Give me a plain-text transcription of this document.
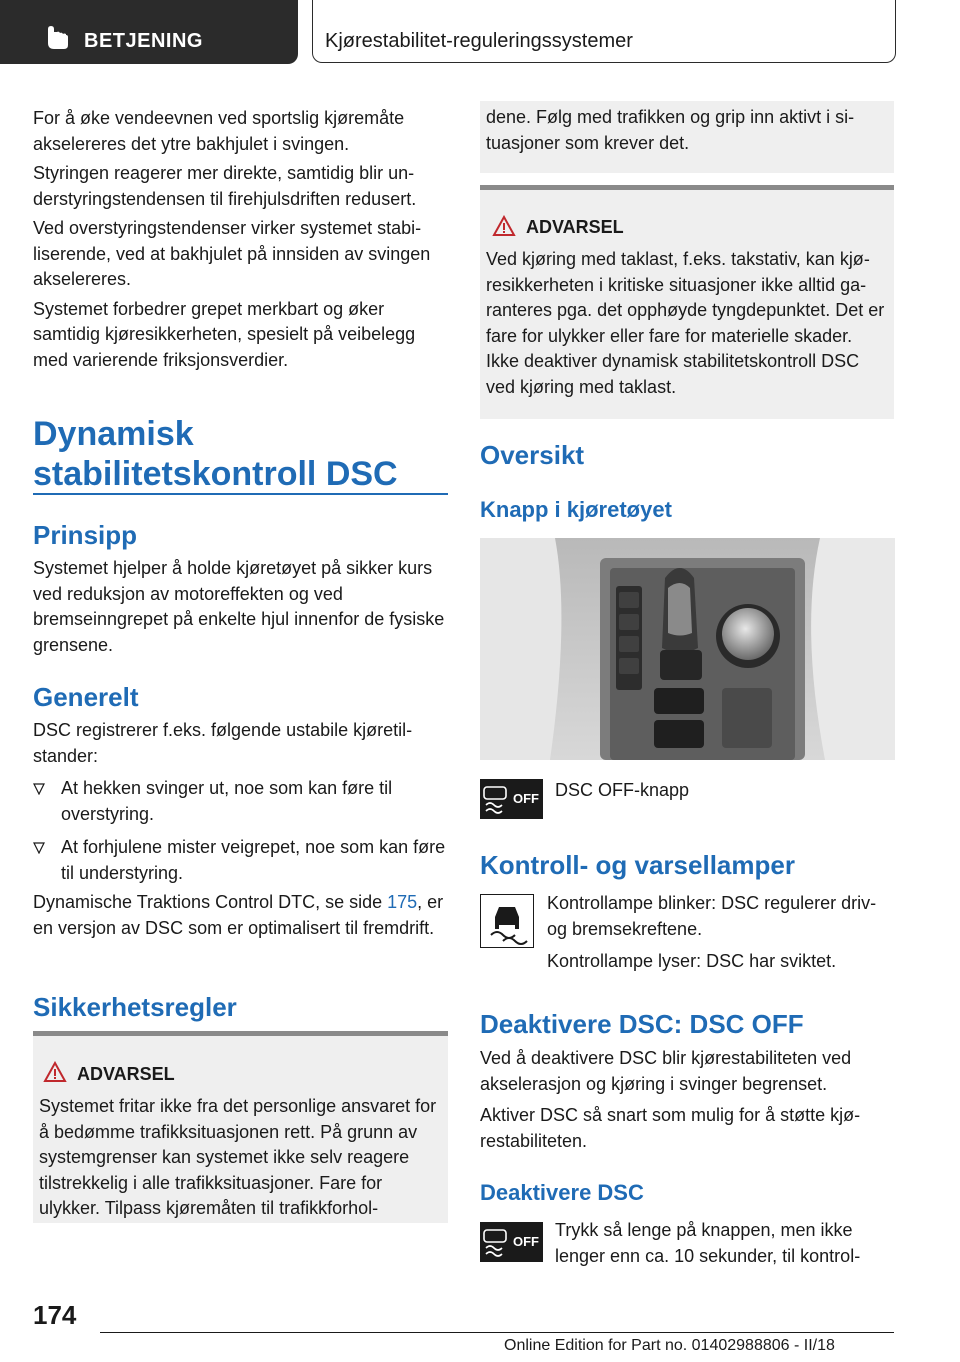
BETJENING	Kjørestabilitet-reguleringssystemer

For å øke vendeevnen ved sportslig kjøremåte akselereres det ytre bakhjulet i svingen.

Styringen reagerer mer direkte, samtidig blir understyringstendensen til firehjulsdriften redusert.

Ved overstyringstendenser virker systemet stabiliserende, ved at bakhjulet på innsiden av svingen akselereres.

Systemet forbedrer grepet merkbart og øker samtidig kjøresikkerheten, spesielt på veibelegg med varierende friksjonsverdier.

Dynamisk
stabilitetskontroll DSC
Prinsipp

Systemet hjelper å holde kjøretøyet på sikker kurs ved reduksjon av motoreffekten og ved bremseinngrepet på enkelte hjul innenfor de fysiske grensene.

Generelt

DSC registrerer f.eks. følgende ustabile kjøretilstander:

At hekken svinger ut, noe som kan føre til overstyring.
At forhjulene mister veigrepet, noe som kan føre til understyring.

Dynamische Traktions Control DTC, se side 175, er en versjon av DSC som er optimalisert til fremdrift.

Sikkerhetsregler
ADVARSEL

Systemet fritar ikke fra det personlige ansvaret for å bedømme trafikksituasjonen rett. På grunn av systemgrenser kan systemet ikke selv reagere tilstrekkelig i alle trafikksituasjoner. Fare for ulykker. Tilpass kjøremåten til trafikkforhol-

dene. Følg med trafikken og grip inn aktivt i situasjoner som krever det.

ADVARSEL

Ved kjøring med taklast, f.eks. takstativ, kan kjøresikkerheten i kritiske situasjoner ikke alltid garanteres pga. det opphøyde tyngdepunktet. Det er fare for ulykker eller fare for materielle skader. Ikke deaktiver dynamisk stabilitetskontroll DSC ved kjøring med taklast.

Oversikt
Knapp i kjøretøyet
OFF DSC OFF-knapp
Kontroll- og varsellamper

Kontrollampe blinker: DSC regulerer driv- og bremsekreftene.

Kontrollampe lyser: DSC har sviktet.

Deaktivere DSC: DSC OFF

Ved å deaktivere DSC blir kjørestabiliteten ved akselerasjon og kjøring i svinger begrenset.

Aktiver DSC så snart som mulig for å støtte kjørestabiliteten.

Deaktivere DSC
OFF

Trykk så lenge på knappen, men ikke lenger enn ca. 10 sekunder, til kontrol-

174
Online Edition for Part no. 01402988806 - II/18
